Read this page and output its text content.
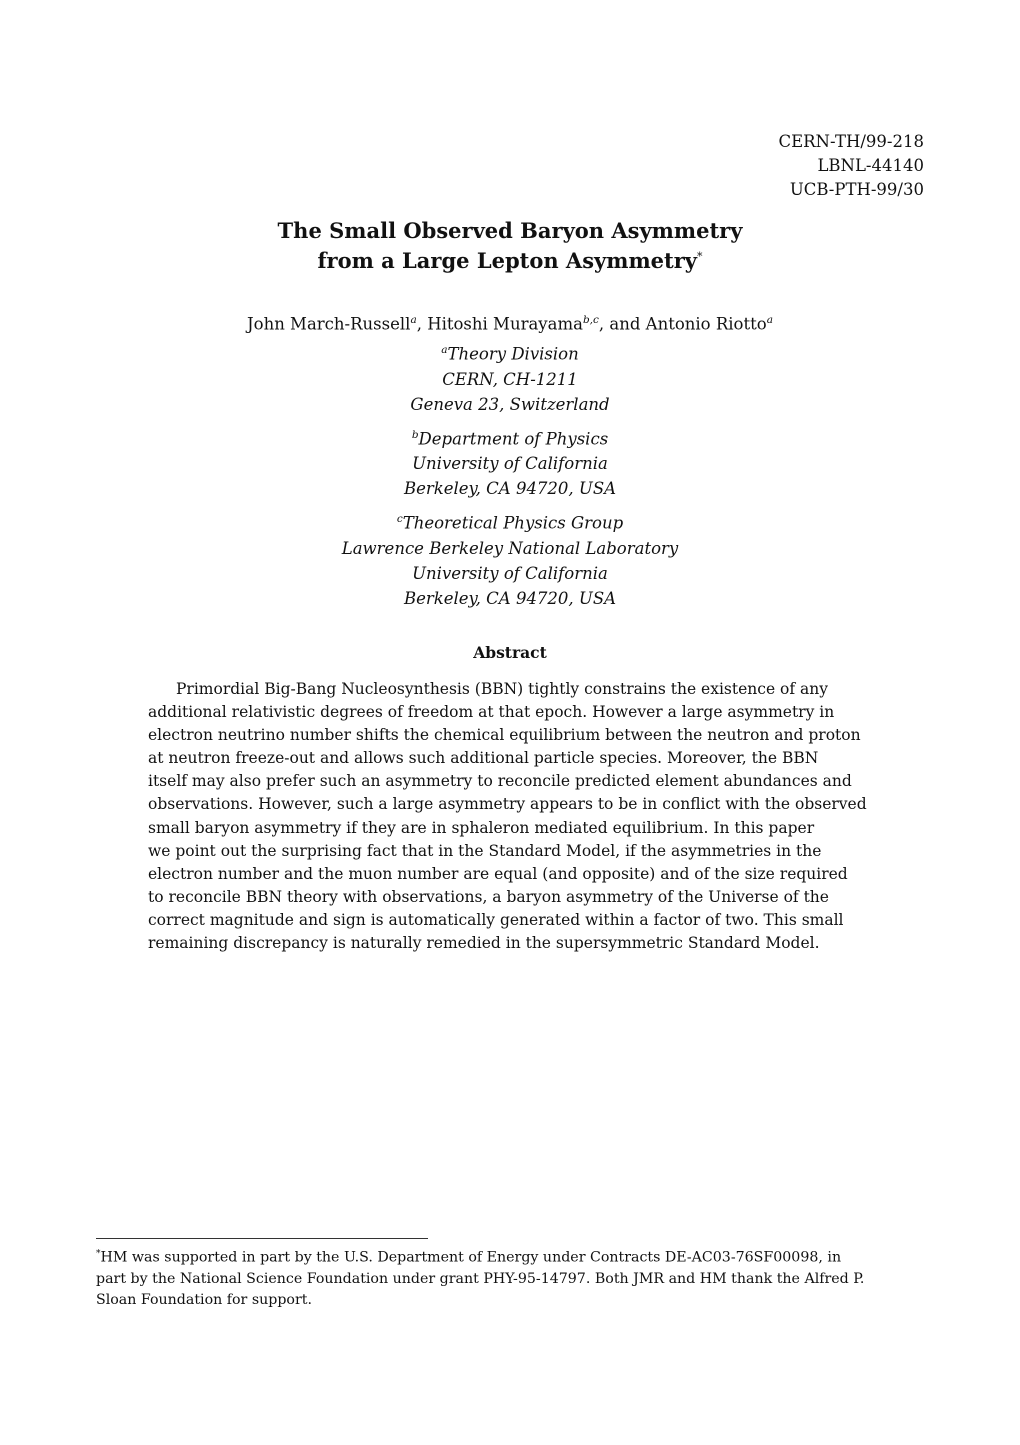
CERN-TH/99-218
LBNL-44140
UCB-PTH-99/30
The Small Observed Baryon Asymmetry
from a Large Lepton Asymmetry*
John March-Russell$^a$, Hitoshi Murayama$^{b,c}$, and Antonio Riotto$^a$
$^a$Theory Division
CERN, CH-1211
Geneva 23, Switzerland
$^b$Department of Physics
University of California
Berkeley, CA 94720, USA
$^c$Theoretical Physics Group
Lawrence Berkeley National Laboratory
University of California
Berkeley, CA 94720, USA
Abstract
Primordial Big-Bang Nucleosynthesis (BBN) tightly constrains the existence of any
additional relativistic degrees of freedom at that epoch. However a large asymmetry in
electron neutrino number shifts the chemical equilibrium between the neutron and proton
at neutron freeze-out and allows such additional particle species. Moreover, the BBN
itself may also prefer such an asymmetry to reconcile predicted element abundances and
observations. However, such a large asymmetry appears to be in conflict with the observed
small baryon asymmetry if they are in sphaleron mediated equilibrium. In this paper
we point out the surprising fact that in the Standard Model, if the asymmetries in the
electron number and the muon number are equal (and opposite) and of the size required
to reconcile BBN theory with observations, a baryon asymmetry of the Universe of the
correct magnitude and sign is automatically generated within a factor of two. This small
remaining discrepancy is naturally remedied in the supersymmetric Standard Model.
*HM was supported in part by the U.S. Department of Energy under Contracts DE-AC03-76SF00098, in
part by the National Science Foundation under grant PHY-95-14797. Both JMR and HM thank the Alfred P.
Sloan Foundation for support.
